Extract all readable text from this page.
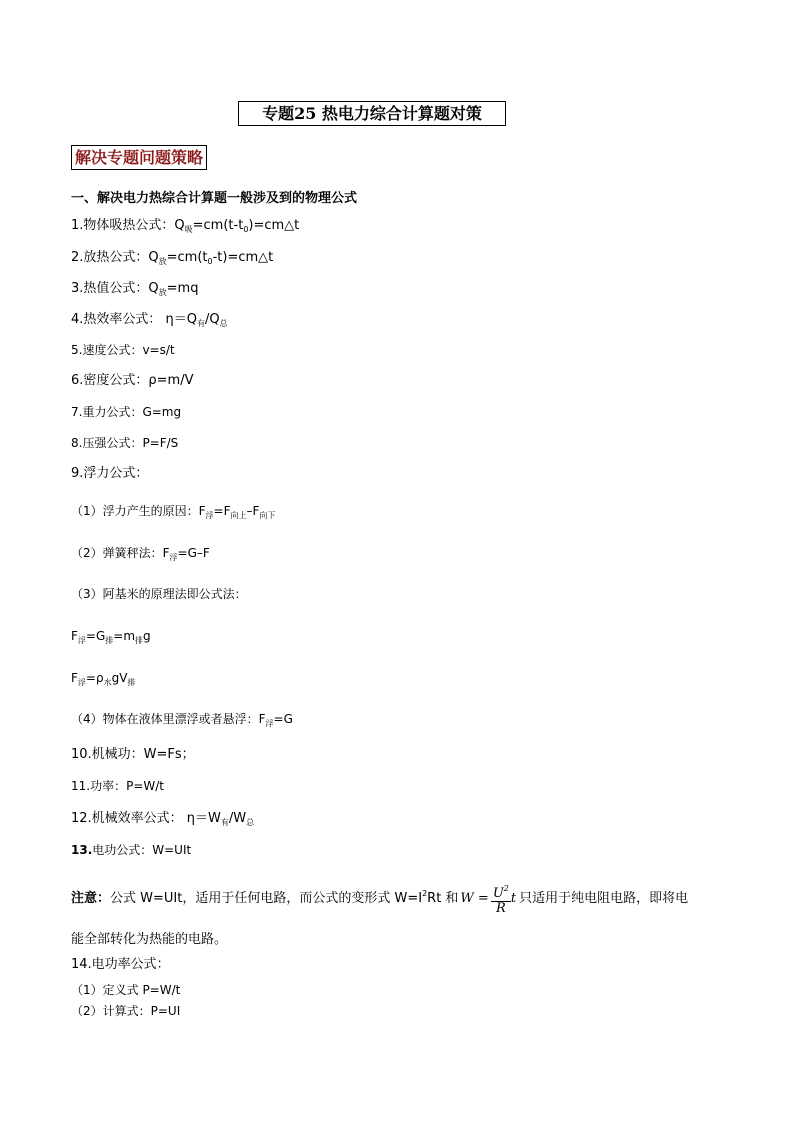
专题25 热电力综合计算题对策
解决专题问题策略
一、解决电力热综合计算题一般涉及到的物理公式
1.物体吸热公式：$Q_吸=cm(t-t_0)=cm\triangle t$
2.放热公式：$Q_放=cm(t_0-t)=cm\triangle t$
3.热值公式：$Q_放=mq$
4.热效率公式： $\eta=Q_有/Q_总$
5.速度公式：v=s/t
6.密度公式：ρ=m/V
7.重力公式：G=mg
8.压强公式：P=F/S
9.浮力公式：
（1）浮力产生的原因：$F_浮=F_{向上}-F_{向下}$
（2）弹簧秤法：$F_浮=G-F$
（3）阿基米的原理法即公式法：
$F_浮=G_排=m_排g$
$F_浮=\rho_水gV_排$
（4）物体在液体里漂浮或者悬浮：$F_浮=G$
10.机械功：W=Fs；
11.功率：P=W/t
12.机械效率公式： $\eta=W_有/W_总$
13.电功公式：W=UIt
注意：公式 W=UIt，适用于任何电路，而公式的变形式 $W=I^2Rt$ 和 $W = \frac{U^2}{R}$ t 只适用于纯电阻电路，即将电
能全部转化为热能的电路。
14.电功率公式：
（1）定义式 P=W/t
（2）计算式：P=UI
